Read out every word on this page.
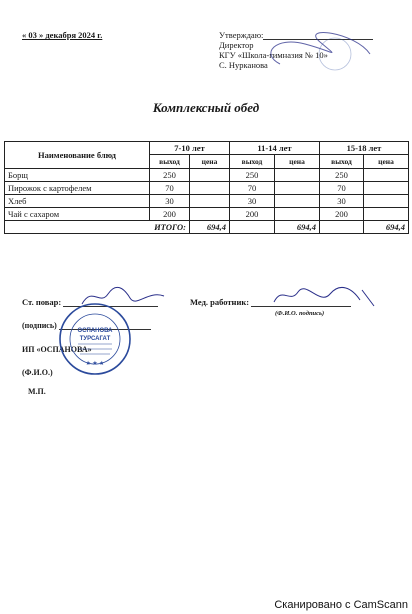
« 03 » декабря 2024 г.	Утверждаю:
Директор
КГУ «Школа-гимназия № 10»
С. Нурканова
Комплексный обед
Наименование блюд	7-10 лет		11-14 лет		15-18 лет	
	выход	цена	выход	цена	выход	цена
Борщ	250		250		250	
Пирожок с картофелем	70		70		70	
Хлеб	30		30		30	
Чай с сахаром	200		200		200	
ИТОГО:		694,4		694,4		694,4
Ст. повар:	Мед. работник:
(Ф.И.О. подпись)
(подпись)
ИП «ОСПАНОВА»
(Ф.И.О.)
М.П.
ОСПАНОВА
ТУРСАГАТ
★ ★ ★
Сканировано с CamScann
